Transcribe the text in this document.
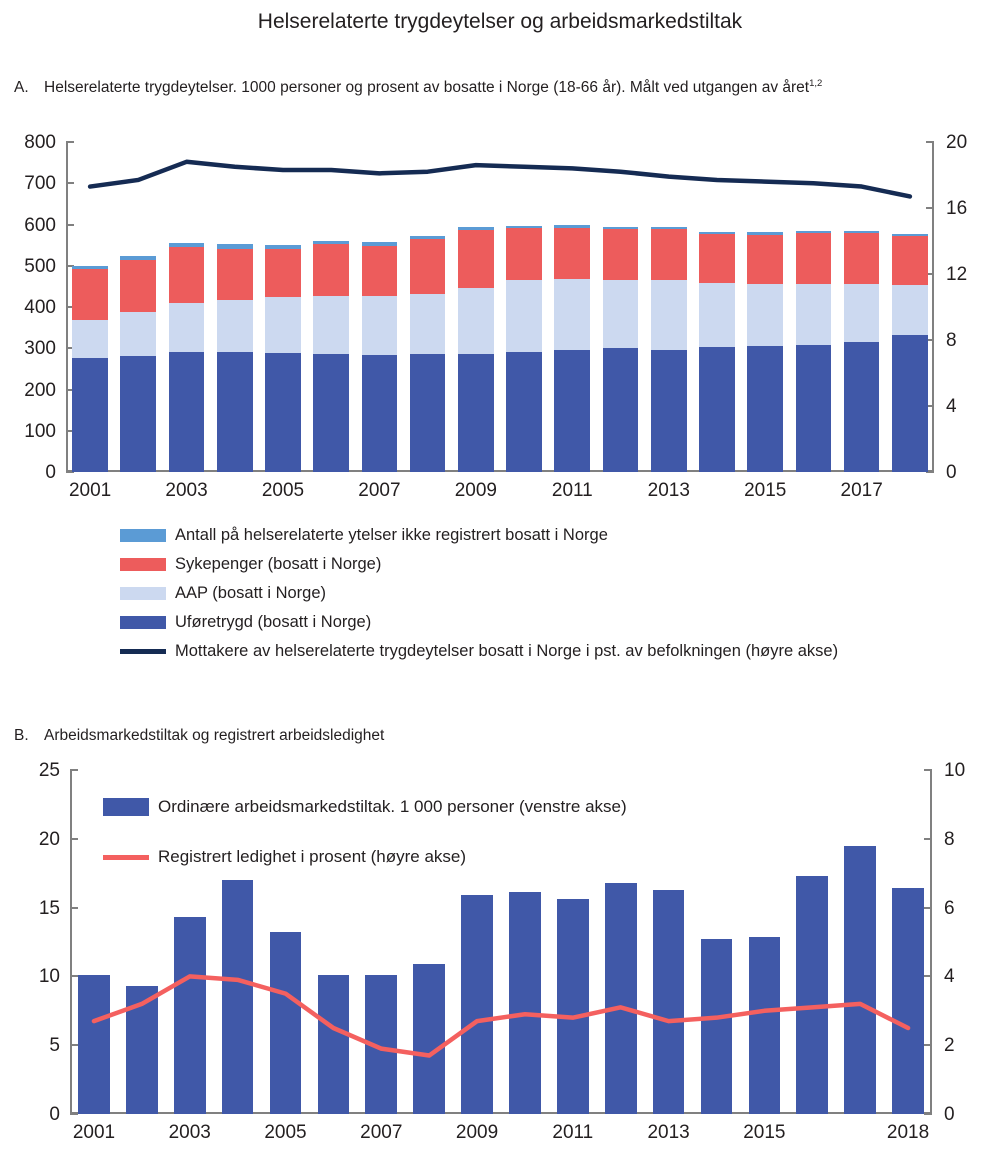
Helserelaterte trygdeytelser og arbeidsmarkedstiltak
A. Helserelaterte trygdeytelser. 1000 personer og prosent av bosatte i Norge (18-66 år). Målt ved utgangen av året$^{1,2}$
0
100
200
300
400
500
600
700
800
0
4
8
12
16
20
2001	2003	2005	2007	2009	2011	2013	2015	2017
B. Arbeidsmarkedstiltak og registrert arbeidsledighet
0
5
10
15
20
25
0
2
4
6
8
10
2001	2003	2005	2007	2009	2011	2013	2015	2018
Antall på helserelaterte ytelser ikke registrert bosatt i Norge
Sykepenger (bosatt i Norge)
AAP (bosatt i Norge)
Uføretrygd (bosatt i Norge)
Mottakere av helserelaterte trygdeytelser bosatt i Norge i pst. av befolkningen (høyre akse)
Ordinære arbeidsmarkedstiltak. 1 000 personer (venstre akse)
Registrert ledighet i prosent (høyre akse)
